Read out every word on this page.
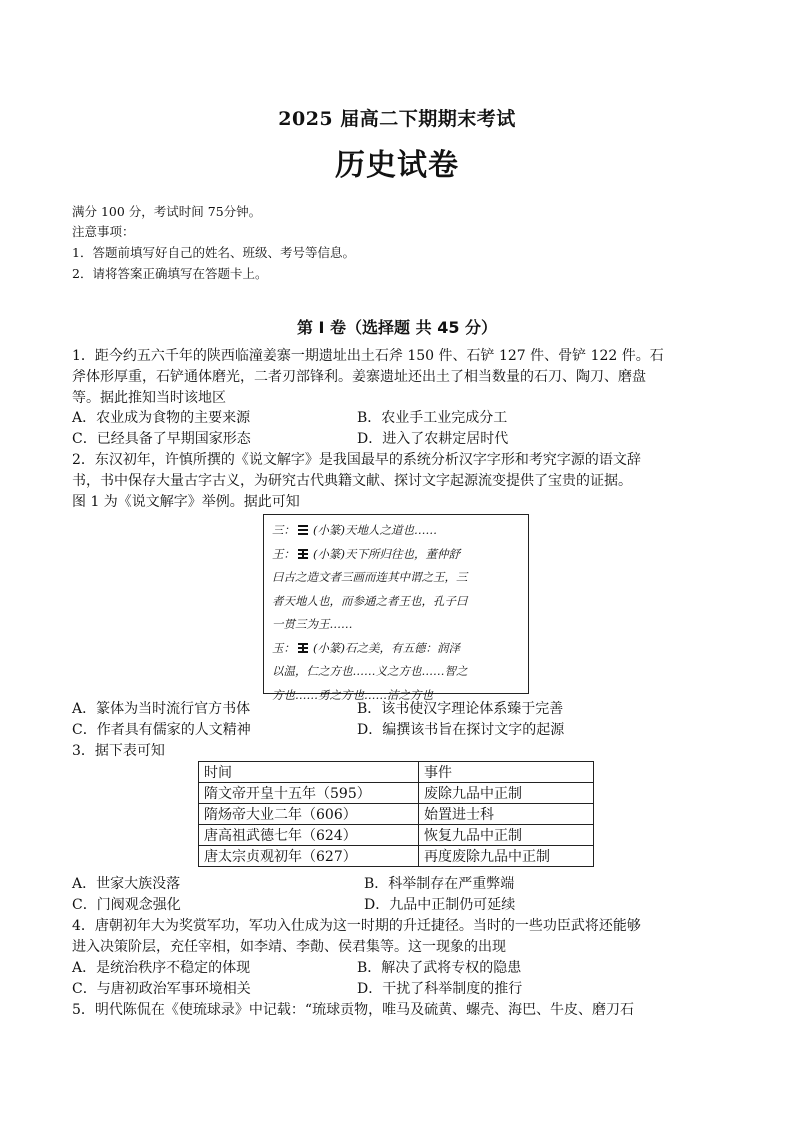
2025 届高二下期期末考试
历史试卷
满分 100 分，考试时间 75分钟。
注意事项：
1．答题前填写好自己的姓名、班级、考号等信息。
2．请将答案正确填写在答题卡上。
第 I 卷（选择题 共 45 分）
1．距今约五六千年的陕西临潼姜寨一期遗址出土石斧 150 件、石铲 127 件、骨铲 122 件。石
斧体形厚重，石铲通体磨光，二者刃部锋利。姜寨遗址还出土了相当数量的石刀、陶刀、磨盘
等。据此推知当时该地区
A．农业成为食物的主要来源	B．农业手工业完成分工
C．已经具备了早期国家形态	D．进入了农耕定居时代
2．东汉初年，许慎所撰的《说文解字》是我国最早的系统分析汉字字形和考究字源的语文辞
书，书中保存大量古字古义，为研究古代典籍文献、探讨文字起源流变提供了宝贵的证据。
图 1 为《说文解字》举例。据此可知
三： (小篆)天地人之道也……
王： (小篆)天下所归往也，董仲舒
曰古之造文者三画而连其中谓之王，三
者天地人也，而参通之者王也，孔子曰
一贯三为王……
玉： (小篆)石之美，有五德：润泽
以温，仁之方也……义之方也……智之
方也……勇之方也……洁之方也
A．篆体为当时流行官方书体	B．该书使汉字理论体系臻于完善
C．作者具有儒家的人文精神	D．编撰该书旨在探讨文字的起源
3．据下表可知
时间	事件
隋文帝开皇十五年（595）	废除九品中正制
隋炀帝大业二年（606）	始置进士科
唐高祖武德七年（624）	恢复九品中正制
唐太宗贞观初年（627）	再度废除九品中正制
A．世家大族没落	B．科举制存在严重弊端
C．门阀观念强化	D．九品中正制仍可延续
4．唐朝初年大为奖赏军功，军功入仕成为这一时期的升迁捷径。当时的一些功臣武将还能够
进入决策阶层，充任宰相，如李靖、李勣、侯君集等。这一现象的出现
A．是统治秩序不稳定的体现	B．解决了武将专权的隐患
C．与唐初政治军事环境相关	D．干扰了科举制度的推行
5．明代陈侃在《使琉球录》中记载：“琉球贡物，唯马及硫黄、螺壳、海巴、牛皮、磨刀石
